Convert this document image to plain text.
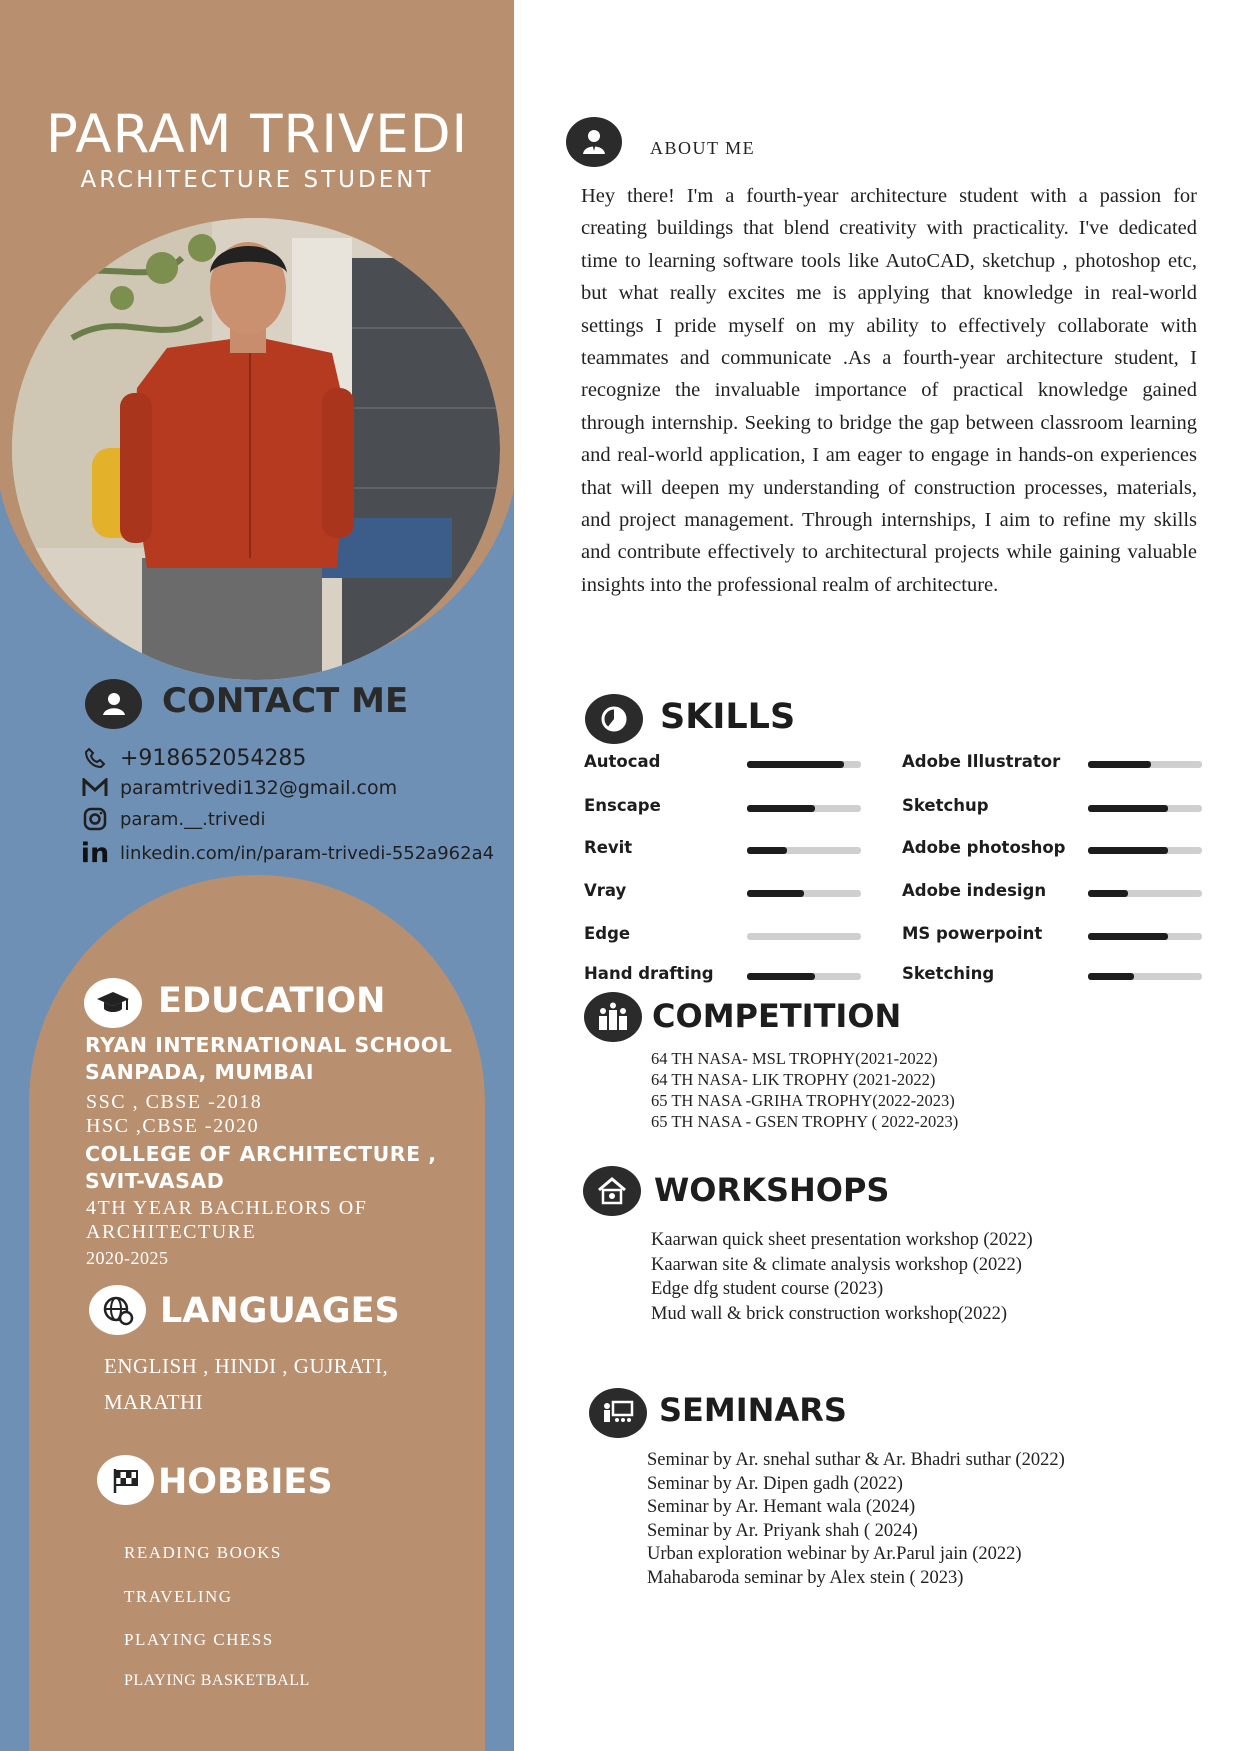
PARAM TRIVEDI
ARCHITECTURE STUDENT
CONTACT ME
+918652054285
paramtrivedi132@gmail.com
param.__.trivedi
in linkedin.com/in/param-trivedi-552a962a4
EDUCATION
RYAN INTERNATIONAL SCHOOL
SANPADA, MUMBAI
SSC , CBSE -2018
HSC ,CBSE -2020
COLLEGE OF ARCHITECTURE ,
SVIT-VASAD
4TH YEAR BACHLEORS OF
ARCHITECTURE
2020-2025
LANGUAGES
ENGLISH , HINDI , GUJRATI,
MARATHI
HOBBIES
READING BOOKS
TRAVELING
PLAYING CHESS
PLAYING BASKETBALL
ABOUT ME
Hey there! I'm a fourth-year architecture student with a passion for creating buildings that blend creativity with practicality. I've dedicated time to learning software tools like AutoCAD, sketchup , photoshop etc, but what really excites me is applying that knowledge in real-world settings I pride myself on my ability to effectively collaborate with teammates and communicate .As a fourth-year architecture student, I recognize the invaluable importance of practical knowledge gained through internship. Seeking to bridge the gap between classroom learning and real-world application, I am eager to engage in hands-on experiences that will deepen my understanding of construction processes, materials, and project management. Through internships, I aim to refine my skills and contribute effectively to architectural projects while gaining valuable insights into the professional realm of architecture.
SKILLS
Autocad
Enscape
Revit
Vray
Edge
Hand drafting
Adobe Illustrator
Sketchup
Adobe photoshop
Adobe indesign
MS powerpoint
Sketching
COMPETITION
64 TH NASA- MSL TROPHY(2021-2022)
64 TH NASA- LIK TROPHY (2021-2022)
65 TH NASA -GRIHA TROPHY(2022-2023)
65 TH NASA - GSEN TROPHY ( 2022-2023)
WORKSHOPS
Kaarwan quick sheet presentation workshop (2022)
Kaarwan site & climate analysis workshop (2022)
Edge dfg student course (2023)
Mud wall & brick construction workshop(2022)
SEMINARS
Seminar by Ar. snehal suthar & Ar. Bhadri suthar (2022)
Seminar by Ar. Dipen gadh (2022)
Seminar by Ar. Hemant wala (2024)
Seminar by Ar. Priyank shah ( 2024)
Urban exploration webinar by Ar.Parul jain (2022)
Mahabaroda seminar by Alex stein ( 2023)
